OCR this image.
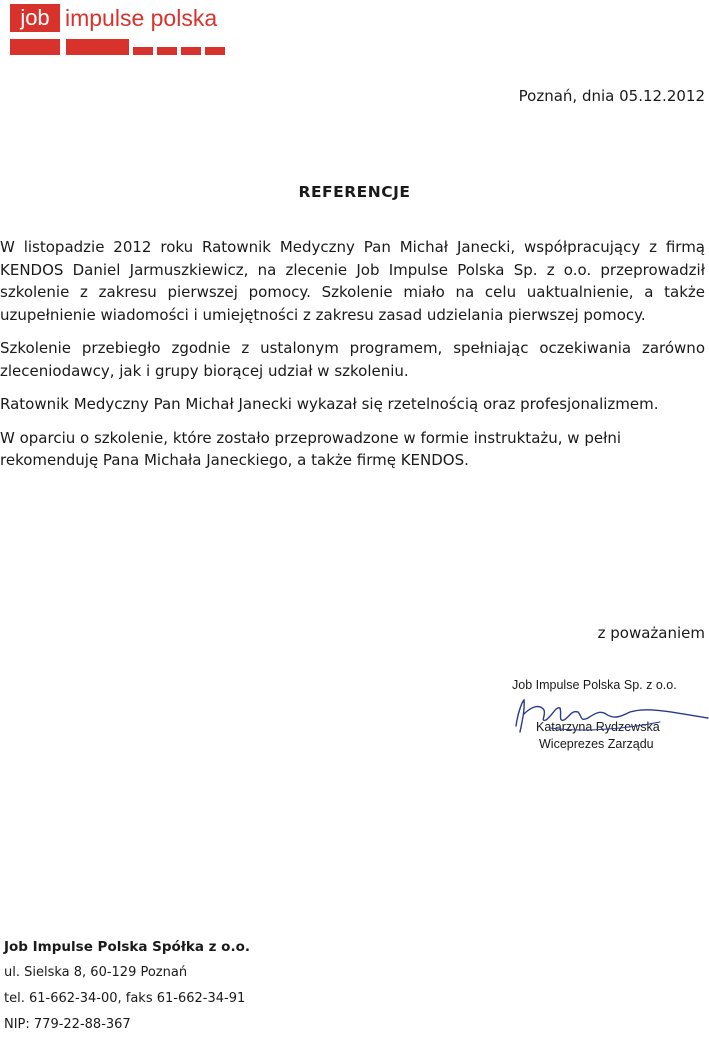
job impulse polska
Poznań, dnia 05.12.2012
REFERENCJE

W listopadzie 2012 roku Ratownik Medyczny Pan Michał Janecki, współpracujący z firmą KENDOS Daniel Jarmuszkiewicz, na zlecenie Job Impulse Polska Sp. z o.o. przeprowadził szkolenie z zakresu pierwszej pomocy. Szkolenie miało na celu uaktualnienie, a także uzupełnienie wiadomości i umiejętności z zakresu zasad udzielania pierwszej pomocy.

Szkolenie przebiegło zgodnie z ustalonym programem, spełniając oczekiwania zarówno zleceniodawcy, jak i grupy biorącej udział w szkoleniu.

Ratownik Medyczny Pan Michał Janecki wykazał się rzetelnością oraz profesjonalizmem.

W oparciu o szkolenie, które zostało przeprowadzone w formie instruktażu, w pełni rekomenduję Pana Michała Janeckiego, a także firmę KENDOS.

z poważaniem
Job Impulse Polska Sp. z o.o.
Katarzyna Rydzewska
Wiceprezes Zarządu
Job Impulse Polska Spółka z o.o.
ul. Sielska 8, 60-129 Poznań
tel. 61-662-34-00, faks 61-662-34-91
NIP: 779-22-88-367
